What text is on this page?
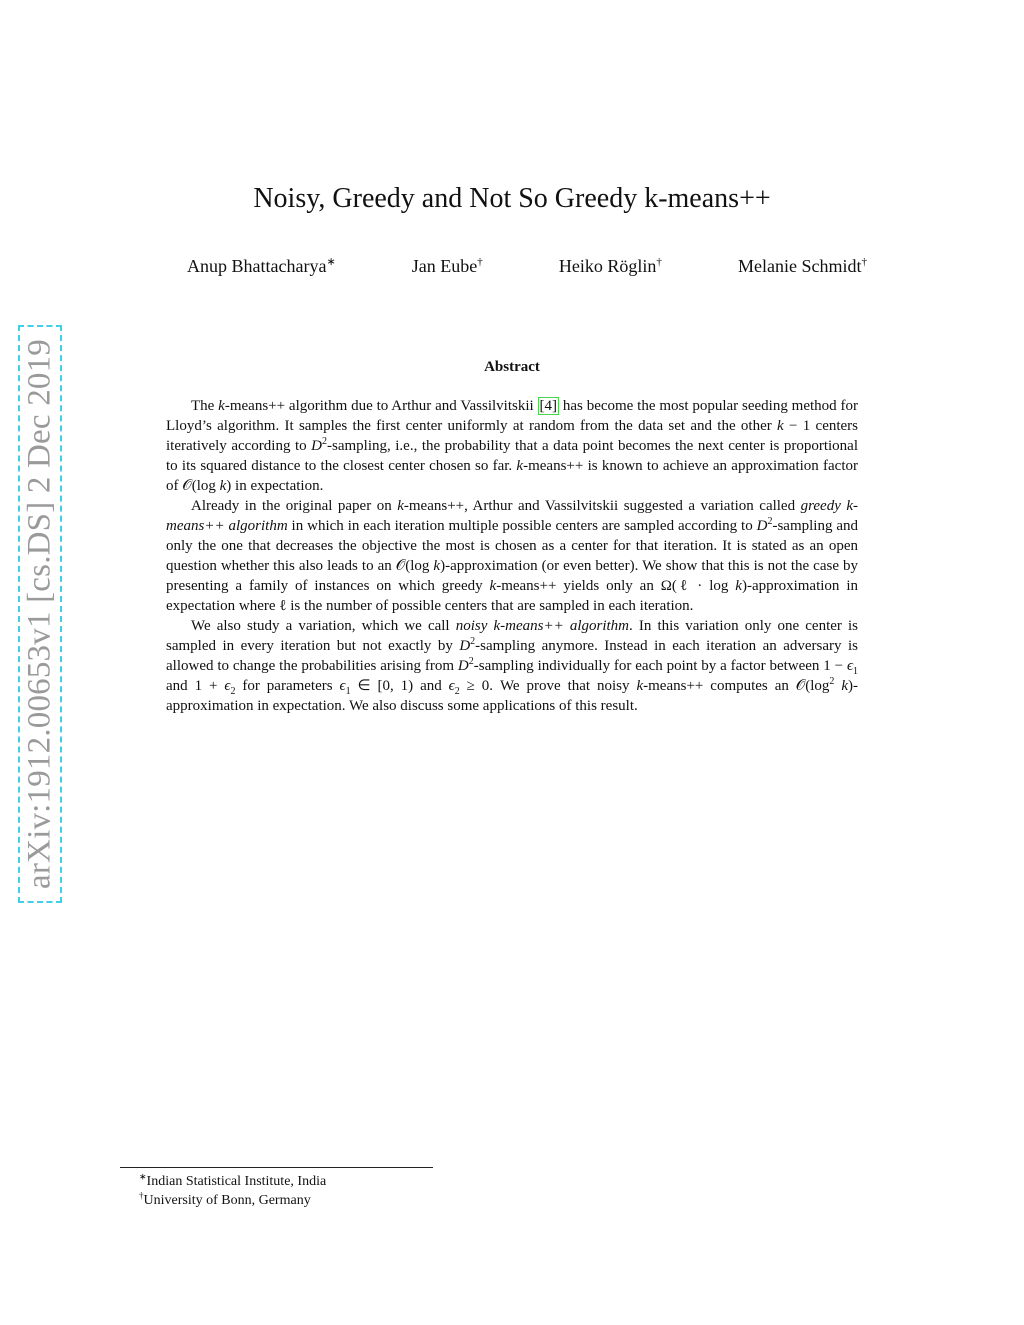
arXiv:1912.00653v1 [cs.DS] 2 Dec 2019
Noisy, Greedy and Not So Greedy k-means++
Anup Bhattacharya∗	Jan Eube†	Heiko Röglin†	Melanie Schmidt†
Abstract

The k-means++ algorithm due to Arthur and Vassilvitskii [4] has become the most popular seeding method for Lloyd’s algorithm. It samples the first center uniformly at random from the data set and the other k − 1 centers iteratively according to $D^2$-sampling, i.e., the probability that a data point becomes the next center is proportional to its squared distance to the closest center chosen so far. k-means++ is known to achieve an approximation factor of 𝒪(log k) in expectation.

Already in the original paper on k-means++, Arthur and Vassilvitskii suggested a variation called greedy k-means++ algorithm in which in each iteration multiple possible centers are sampled according to $D^2$-sampling and only the one that decreases the objective the most is chosen as a center for that iteration. It is stated as an open question whether this also leads to an 𝒪(log k)-approximation (or even better). We show that this is not the case by presenting a family of instances on which greedy k-means++ yields only an Ω(ℓ · log k)-approximation in expectation where ℓ is the number of possible centers that are sampled in each iteration.

We also study a variation, which we call noisy k-means++ algorithm. In this variation only one center is sampled in every iteration but not exactly by $D^2$-sampling anymore. Instead in each iteration an adversary is allowed to change the probabilities arising from $D^2$-sampling individually for each point by a factor between $1 - \epsilon_1$ and $1 + \epsilon_2$ for parameters $\epsilon_1$ ∈ [0, 1) and $\epsilon_2 \ge 0$. We prove that noisy k-means++ computes an $𝒪(\log^2$ k)-approximation in expectation. We also discuss some applications of this result.

∗Indian Statistical Institute, India
†University of Bonn, Germany
